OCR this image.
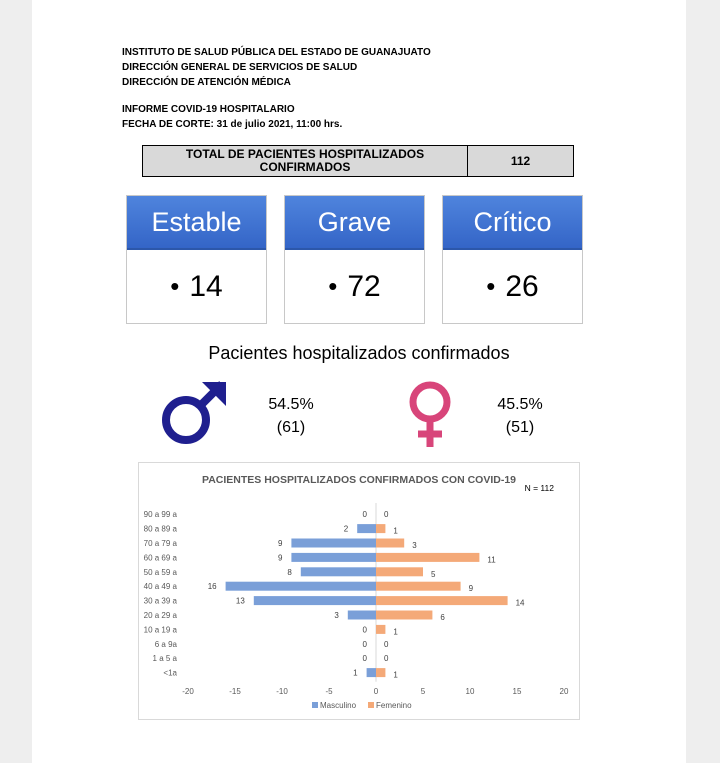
INSTITUTO DE SALUD PÚBLICA DEL ESTADO DE GUANAJUATO
DIRECCIÓN GENERAL DE SERVICIOS DE SALUD
DIRECCIÓN DE ATENCIÓN MÉDICA
INFORME COVID-19 HOSPITALARIO
FECHA DE CORTE: 31 de julio 2021, 11:00 hrs.
TOTAL DE PACIENTES HOSPITALIZADOS CONFIRMADOS	112
Estable
• 14
Grave
• 72
Crítico
• 26
Pacientes hospitalizados confirmados
54.5%
(61)
45.5%
(51)
PACIENTES HOSPITALIZADOS CONFIRMADOS CON COVID-19
N = 112
90 a 99 a	0 0
80 a 89 a	2	1
70 a 79 a	9	3
60 a 69 a	9	11
50 a 59 a	8	5
40 a 49 a	16	9
30 a 39 a	13	14
20 a 29 a	3	6
10 a 19 a	0	1
6 a 9a	0 0
1 a 5 a	0 0
<1a	1	1
-20	-15	-10	-5	0	5	10	15	20
Masculino Femenino
